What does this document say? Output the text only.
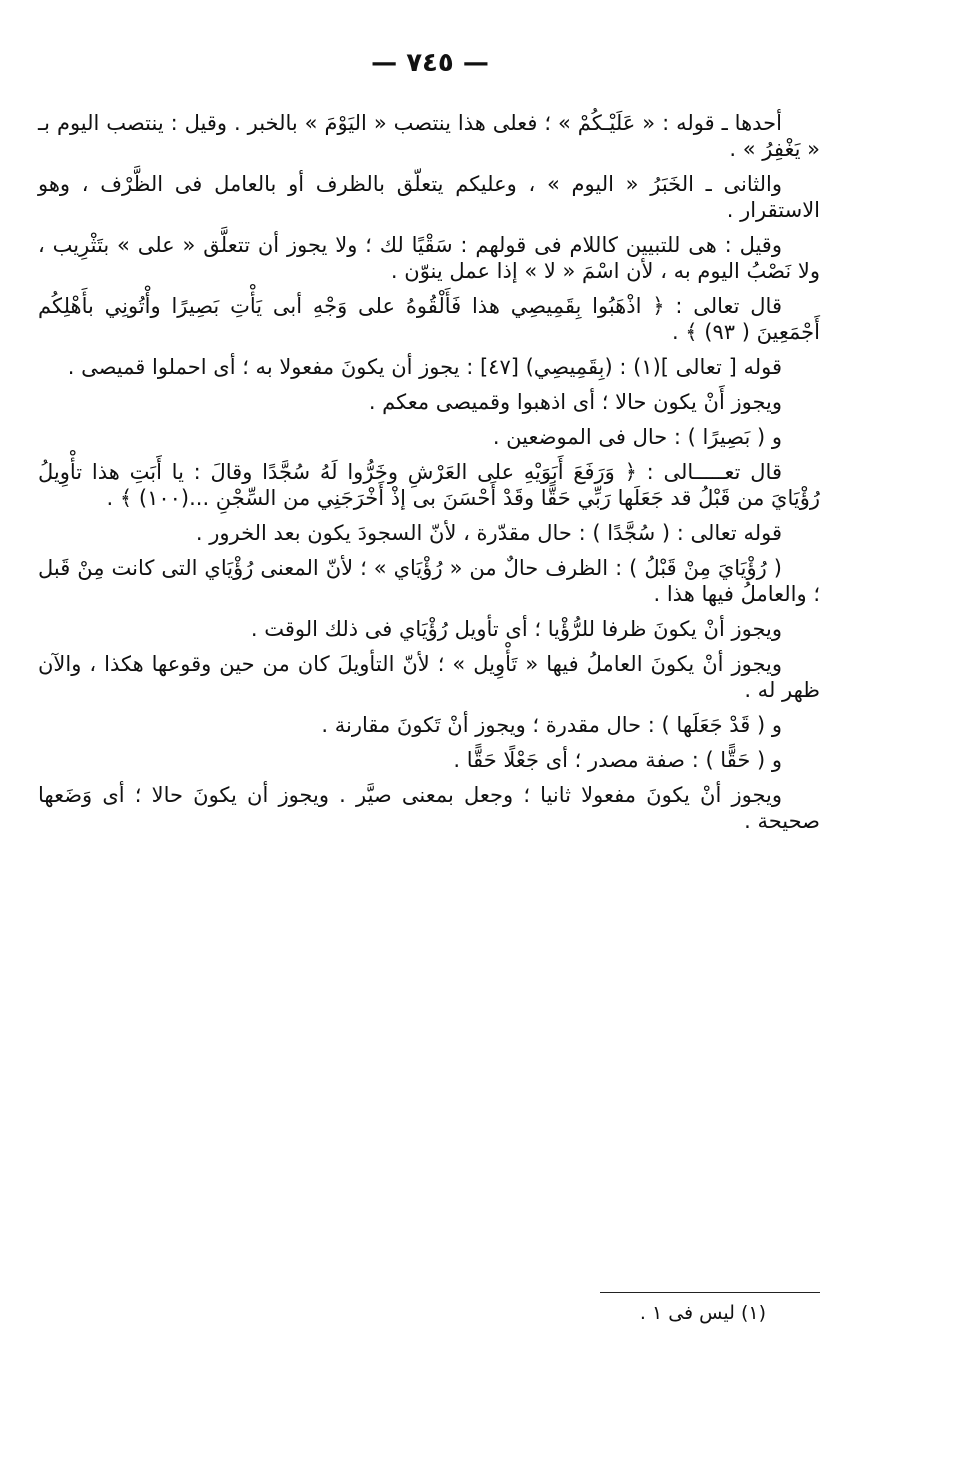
— ٧٤٥ —

أحدها ـ قوله : « عَلَيْـكُمْ » ؛ فعلى هذا ينتصب « اليَوْمَ » بالخبر . وقيل : ينتصب اليوم بـ « يَغْفِرُ » .

والثانى ـ الخَبَرُ « اليوم » ، وعليكم يتعلّق بالظرف أو بالعامل فى الظَّرْف ، وهو الاستقرار .

وقيل : هى للتبيين كاللام فى قولهم : سَقْيًا لك ؛ ولا يجوز أن تتعلَّق « على » بتَثْرِيب ، ولا نَصْبُ اليوم به ، لأن اسْمَ « لا » إذا عمل ينوّن .

قال تعالى : ﴿ اذْهَبُوا بِقَمِيصِي هذا فَأَلْقُوهُ على وَجْهِ أبى يَأْتِ بَصِيرًا وأْتُونِي بأَهْلِكُم أَجْمَعِينَ ( ٩٣) ﴾ .

قوله [ تعالى ](١) : (بِقَمِيصِي) [٤٧] : يجوز أن يكونَ مفعولا به ؛ أى احملوا قميصى .

ويجوز أَنْ يكون حالا ؛ أى اذهبوا وقميصى معكم .

و ( بَصِيرًا ) : حال فى الموضعين .

قال تعـــــالى : ﴿ وَرَفَعَ أَبَوَيْهِ على العَرْشِ وخَرُّوا لَهُ سُجَّدًا وقالَ : يا أَبَتِ هذا تأْوِيلُ رُؤْيَايَ من قَبْلُ قد جَعَلَها رَبِّي حَقًّا وقَدْ أَحْسَنَ بى إذْ أَخْرَجَنِي من السِّجْنِ ...(١٠٠) ﴾ .

قوله تعالى : ( سُجَّدًا ) : حال مقدّرة ، لأنّ السجودَ يكون بعد الخرور .

( رُؤْيَايَ مِنْ قَبْلُ ) : الظرف حالٌ من « رُؤْيَاي » ؛ لأنّ المعنى رُؤْيَاي التى كانت مِنْ قَبل ؛ والعاملُ فيها هذا .

ويجوز أنْ يكونَ ظرفا للرُّؤْيا ؛ أى تأويل رُؤْيَاي فى ذلك الوقت .

ويجوز أنْ يكونَ العاملُ فيها « تَأْوِيل » ؛ لأنّ التأويلَ كان من حين وقوعها هكذا ، والآن ظهر له .

و ( قَدْ جَعَلَها ) : حال مقدرة ؛ ويجوز أنْ تَكونَ مقارنة .

و ( حَقًّا ) : صفة مصدر ؛ أى جَعْلًا حَقًّا .

ويجوز أنْ يكونَ مفعولا ثانيا ؛ وجعل بمعنى صيَّر . ويجوز أن يكونَ حالا ؛ أى وَضَعها صحيحة .

(١) ليس فى ١ .
